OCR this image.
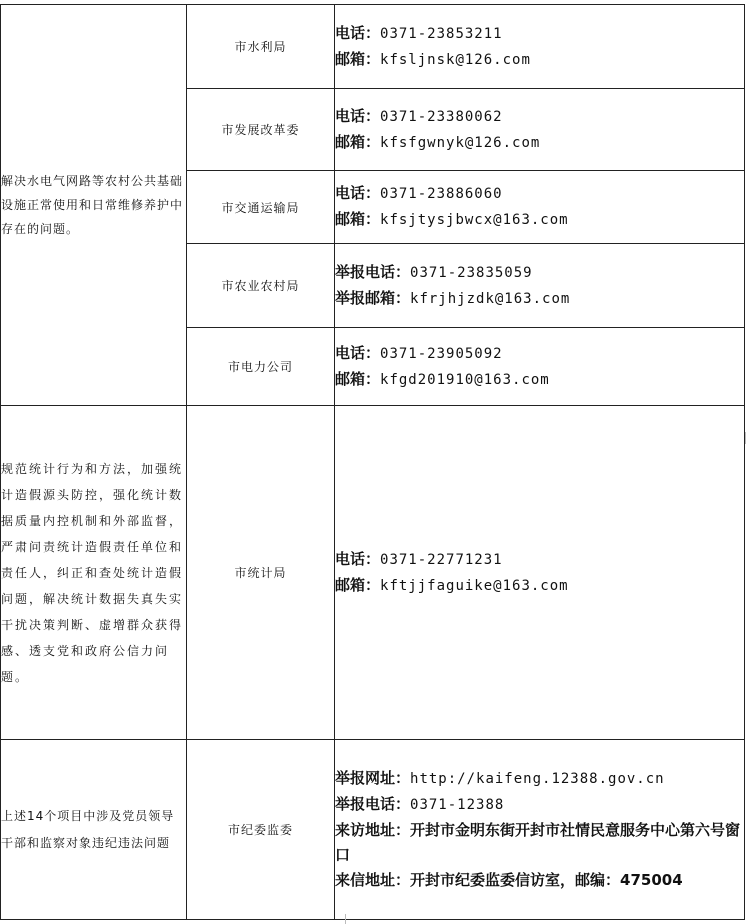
解决水电气网路等农村公共基础设施正常使用和日常维修养护中存在的问题。	市水利局	电话：0371-23853211
邮箱：kfsljnsk@126.com

	市发展改革委	电话：0371-23380062
邮箱：kfsfgwnyk@126.com

	市交通运输局	电话：0371-23886060
邮箱：kfsjtysjbwcx@163.com

	市农业农村局	举报电话：0371-23835059
举报邮箱：kfrjhjzdk@163.com

	市电力公司	电话：0371-23905092
邮箱：kfgd201910@163.com

规范统计行为和方法，加强统计造假源头防控，强化统计数据质量内控机制和外部监督，严肃问责统计造假责任单位和责任人，纠正和查处统计造假问题，解决统计数据失真失实干扰决策判断、虚增群众获得感、透支党和政府公信力问题。	市统计局	电话：0371-22771231
邮箱：kftjjfaguike@163.com

上述14个项目中涉及党员领导干部和监察对象违纪违法问题	市纪委监委	举报网址：http://kaifeng.12388.gov.cn
举报电话：0371-12388
来访地址：开封市金明东街开封市社情民意服务中心第六号窗口
来信地址：开封市纪委监委信访室，邮编：475004
